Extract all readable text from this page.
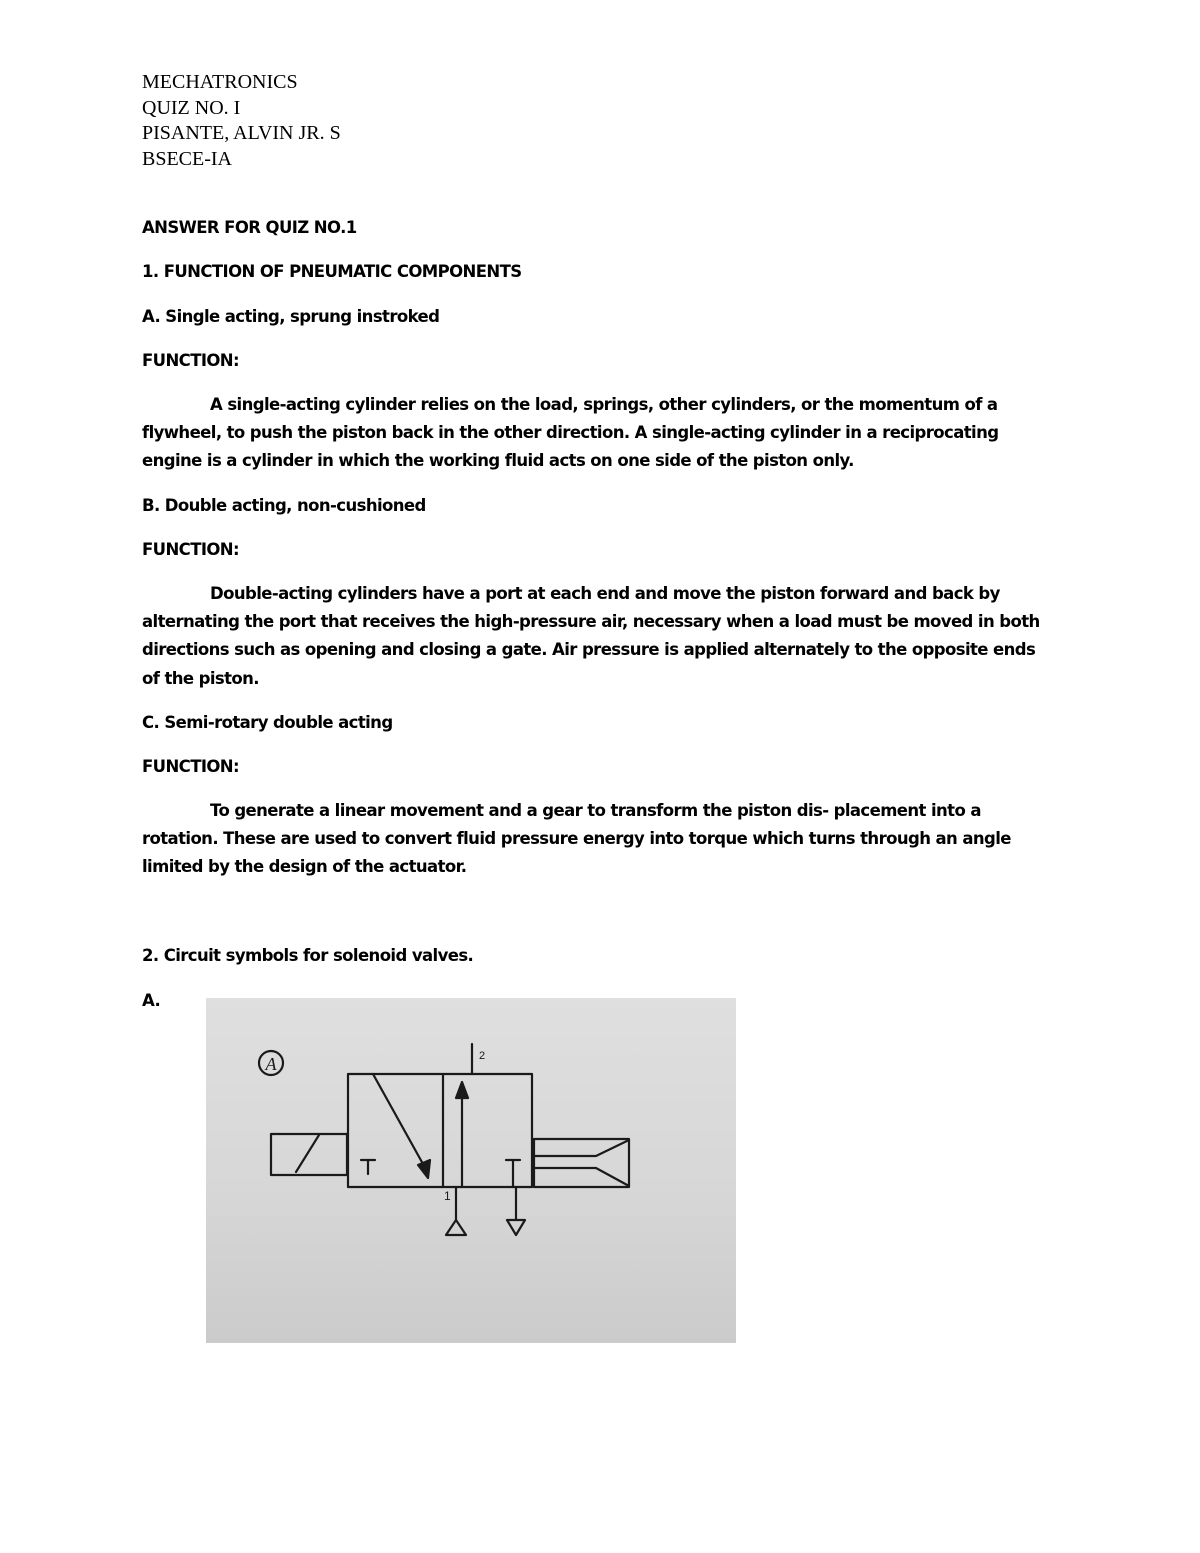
MECHATRONICS
QUIZ NO. I
PISANTE, ALVIN JR. S
BSECE-IA
ANSWER FOR QUIZ NO.1
1. FUNCTION OF PNEUMATIC COMPONENTS
A. Single acting, sprung instroked
FUNCTION:
A single-acting cylinder relies on the load, springs, other cylinders, or the momentum of a
flywheel, to push the piston back in the other direction. A single-acting cylinder in a reciprocating
engine is a cylinder in which the working fluid acts on one side of the piston only.
B. Double acting, non-cushioned
FUNCTION:
Double-acting cylinders have a port at each end and move the piston forward and back by
alternating the port that receives the high-pressure air, necessary when a load must be moved in both
directions such as opening and closing a gate. Air pressure is applied alternately to the opposite ends
of the piston.
C. Semi-rotary double acting
FUNCTION:
To generate a linear movement and a gear to transform the piston dis- placement into a
rotation. These are used to convert fluid pressure energy into torque which turns through an angle
limited by the design of the actuator.
2. Circuit symbols for solenoid valves.
A.
A	2
1
